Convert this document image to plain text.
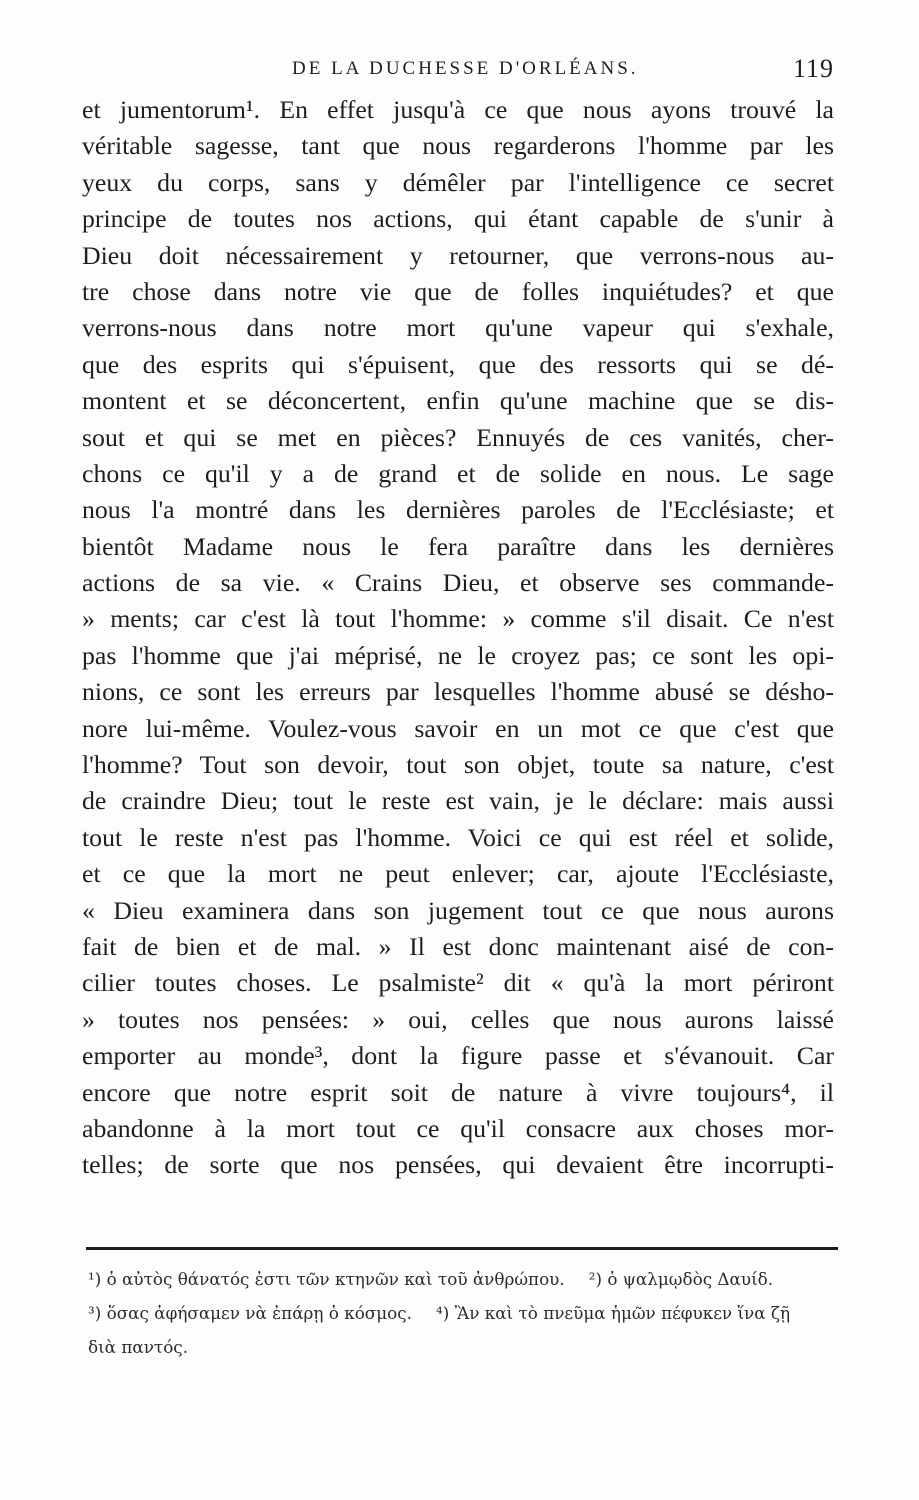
DE LA DUCHESSE D'ORLÉANS.	119
et jumentorum¹. En effet jusqu'à ce que nous ayons trouvé la
véritable sagesse, tant que nous regarderons l'homme par les
yeux du corps, sans y démêler par l'intelligence ce secret
principe de toutes nos actions, qui étant capable de s'unir à
Dieu doit nécessairement y retourner, que verrons-nous au-
tre chose dans notre vie que de folles inquiétudes? et que
verrons-nous dans notre mort qu'une vapeur qui s'exhale,
que des esprits qui s'épuisent, que des ressorts qui se dé-
montent et se déconcertent, enfin qu'une machine que se dis-
sout et qui se met en pièces? Ennuyés de ces vanités, cher-
chons ce qu'il y a de grand et de solide en nous. Le sage
nous l'a montré dans les dernières paroles de l'Ecclésiaste; et
bientôt Madame nous le fera paraître dans les dernières
actions de sa vie. « Crains Dieu, et observe ses commande-
» ments; car c'est là tout l'homme: » comme s'il disait. Ce n'est
pas l'homme que j'ai méprisé, ne le croyez pas; ce sont les opi-
nions, ce sont les erreurs par lesquelles l'homme abusé se désho-
nore lui-même. Voulez-vous savoir en un mot ce que c'est que
l'homme? Tout son devoir, tout son objet, toute sa nature, c'est
de craindre Dieu; tout le reste est vain, je le déclare: mais aussi
tout le reste n'est pas l'homme. Voici ce qui est réel et solide,
et ce que la mort ne peut enlever; car, ajoute l'Ecclésiaste,
« Dieu examinera dans son jugement tout ce que nous aurons
fait de bien et de mal. » Il est donc maintenant aisé de con-
cilier toutes choses. Le psalmiste² dit « qu'à la mort périront
» toutes nos pensées: » oui, celles que nous aurons laissé
emporter au monde³, dont la figure passe et s'évanouit. Car
encore que notre esprit soit de nature à vivre toujours⁴, il
abandonne à la mort tout ce qu'il consacre aux choses mor-
telles; de sorte que nos pensées, qui devaient être incorrupti-
¹) ὁ αὐτὸς θάνατός ἐστι τῶν κτηνῶν καὶ τοῦ ἀνθρώπου. ²) ὁ ψαλμῳδὸς Δαυίδ.
³) ὅσας ἀφήσαμεν νὰ ἐπάρῃ ὁ κόσμος. ⁴) Ἂν καὶ τὸ πνεῦμα ἡμῶν πέφυκεν ἵνα ζῇ
διὰ παντός.
